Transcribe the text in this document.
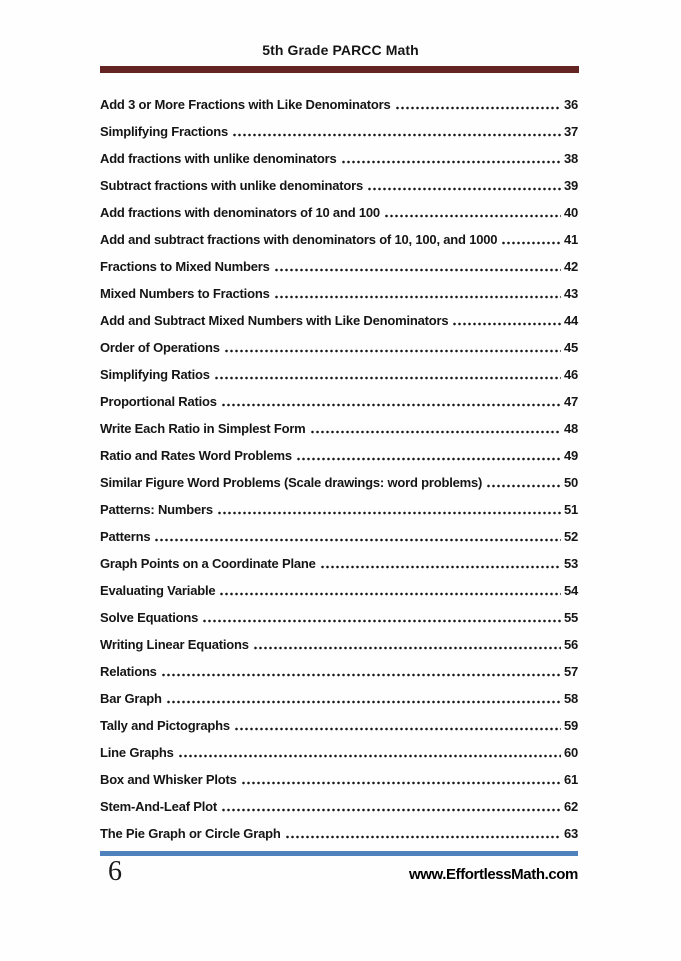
5th Grade PARCC Math
Add 3 or More Fractions with Like Denominators	36
Simplifying Fractions	37
Add fractions with unlike denominators	38
Subtract fractions with unlike denominators	39
Add fractions with denominators of 10 and 100	40
Add and subtract fractions with denominators of 10, 100, and 1000	41
Fractions to Mixed Numbers	42
Mixed Numbers to Fractions	43
Add and Subtract Mixed Numbers with Like Denominators	44
Order of Operations	45
Simplifying Ratios	46
Proportional Ratios	47
Write Each Ratio in Simplest Form	48
Ratio and Rates Word Problems	49
Similar Figure Word Problems (Scale drawings: word problems)	50
Patterns: Numbers	51
Patterns	52
Graph Points on a Coordinate Plane	53
Evaluating Variable	54
Solve Equations	55
Writing Linear Equations	56
Relations	57
Bar Graph	58
Tally and Pictographs	59
Line Graphs	60
Box and Whisker Plots	61
Stem-And-Leaf Plot	62
The Pie Graph or Circle Graph	63
6	www.EffortlessMath.com
